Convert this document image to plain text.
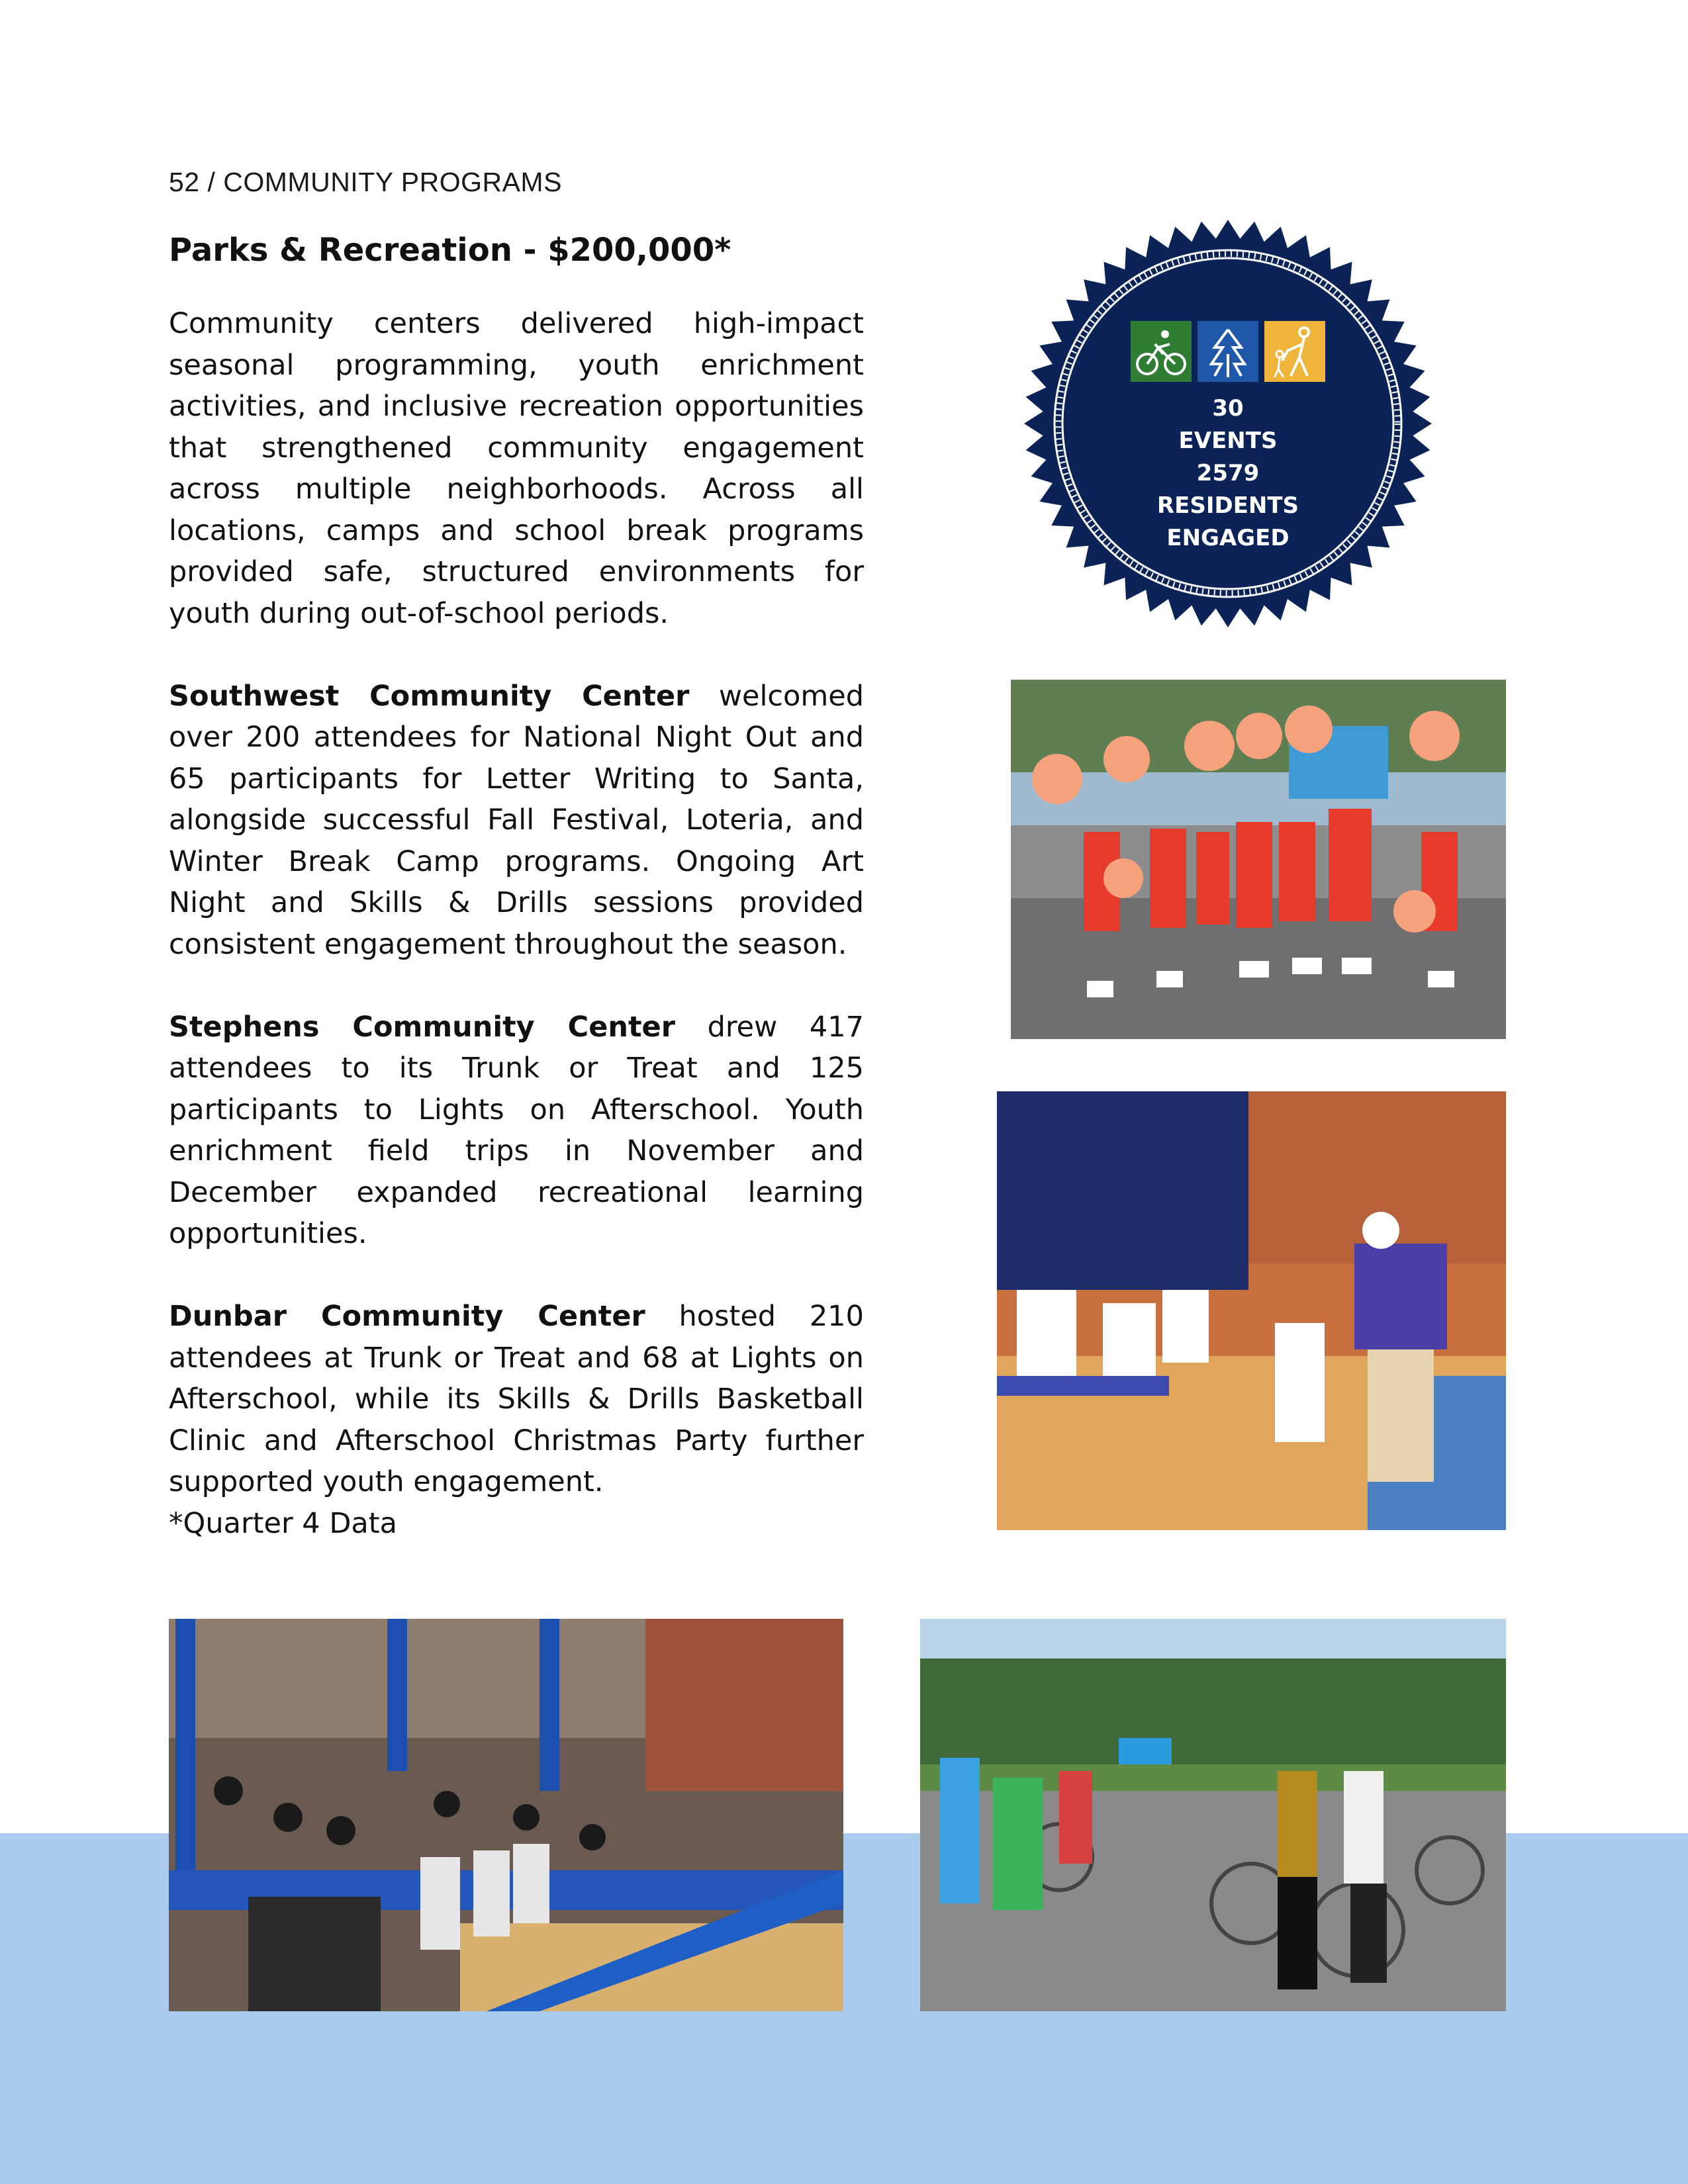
52 / COMMUNITY PROGRAMS
Parks & Recreation - $200,000*

Community centers delivered high-impact seasonal programming, youth enrichment activities, and inclusive recreation opportunities that strengthened community engagement across multiple neighborhoods. Across all locations, camps and school break programs provided safe, structured environments for youth during out-of-school periods.

Southwest Community Center welcomed over 200 attendees for National Night Out and 65 participants for Letter Writing to Santa, alongside successful Fall Festival, Loteria, and Winter Break Camp programs. Ongoing Art Night and Skills & Drills sessions provided consistent engagement throughout the season.

Stephens Community Center drew 417 attendees to its Trunk or Treat and 125 participants to Lights on Afterschool. Youth enrichment field trips in November and December expanded recreational learning opportunities.

Dunbar Community Center hosted 210 attendees at Trunk or Treat and 68 at Lights on Afterschool, while its Skills & Drills Basketball Clinic and Afterschool Christmas Party further supported youth engagement.

*Quarter 4 Data
30
EVENTS
2579
RESIDENTS
ENGAGED
